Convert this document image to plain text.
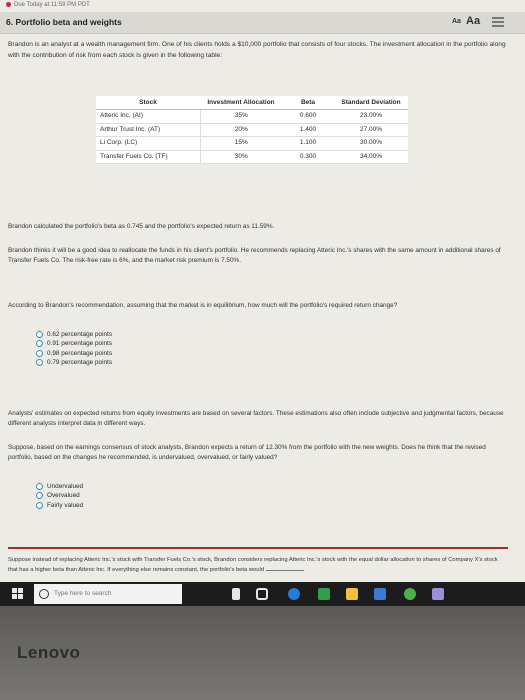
Due Today at 11:59 PM PDT
6. Portfolio beta and weights	Aa Aa

Brandon is an analyst at a wealth management firm. One of his clients holds a $10,000 portfolio that consists of four stocks. The investment allocation in the portfolio along with the contribution of risk from each stock is given in the following table:

Stock	Investment Allocation	Beta	Standard Deviation
Atteric Inc. (AI)	35%	0.600	23.00%
Arthur Trust Inc. (AT)	20%	1.400	27.00%
Li Corp. (LC)	15%	1.100	30.00%
Transfer Fuels Co. (TF)	30%	0.300	34.00%
Brandon calculated the portfolio's beta as 0.745 and the portfolio's expected return as 11.59%.
Brandon thinks it will be a good idea to reallocate the funds in his client's portfolio. He recommends replacing Atteric Inc.'s shares with the same amount in additional shares of Transfer Fuels Co. The risk-free rate is 6%, and the market risk premium is 7.50%.
According to Brandon's recommendation, assuming that the market is in equilibrium, how much will the portfolio's required return change?
0.62 percentage points
0.91 percentage points
0.98 percentage points
0.79 percentage points
Analysts' estimates on expected returns from equity investments are based on several factors. These estimations also often include subjective and judgmental factors, because different analysts interpret data in different ways.
Suppose, based on the earnings consensus of stock analysts, Brandon expects a return of 12.30% from the portfolio with the new weights. Does he think that the revised portfolio, based on the changes he recommended, is undervalued, overvalued, or fairly valued?
Undervalued
Overvalued
Fairly valued
Suppose instead of replacing Atteric Inc.'s stock with Transfer Fuels Co.'s stock, Brandon considers replacing Atteric Inc.'s stock with the equal dollar allocation to shares of Company X's stock that has a higher beta than Atteric Inc. If everything else remains constant, the portfolio's beta would
Type here to search
Lenovo
